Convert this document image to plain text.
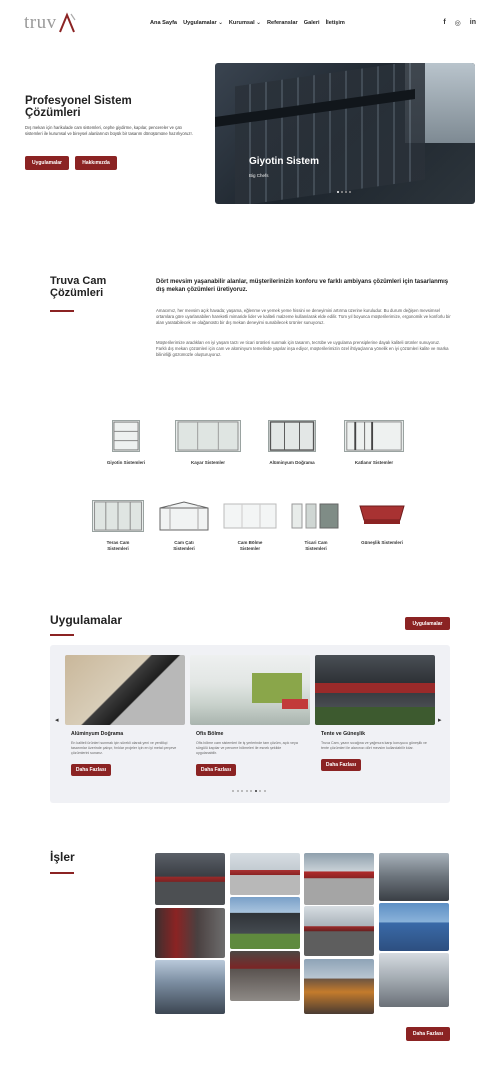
truv	Ana Sayfa Uygulamalar ⌄ Kurumsal ⌄ Referanslar Galeri İletişim	f ◎ in
Profesyonel Sistem Çözümleri
Dış mekan için harikulade cam sistemleri, cephe giydirme, kapılar, pencereler ve çatı sistemleri ile kurumsal ve bireysel alanlarınızı büyük bir tasarım dönüşümüne hazırlıyoruz!.
Uygulamalar	Hakkımızda	Giyotin Sistem
Big Chefs
Truva Cam Çözümleri
Dört mevsim yaşanabilir alanlar, müşterilerinizin konforu ve farklı ambiyans çözümleri için tasarlanmış dış mekan çözümleri üretiyoruz.
Amacımız, her mevsim açık havada; yaşama, eğlenme ve yemek yeme hissini ve deneyimini artırma üzerine kuruludur. Bu durum değişen mevsimsel ortamlara göre uyarlanabilen hareketli mimaride lider ve kaliteli malzeme kullanılarak elde edilir. Tüm yıl boyunca müşterilerimize, ergonomik ve konforlu bir alan yaratabilecek ve olağanüstü bir dış mekan deneyimi sunabilecek ürünler sunuyoruz.
Müşterilerimize aradıkları en iyi yaşam tarzı ve ticari ürünleri sunmak için tasarım, tecrübe ve uygulama prensiplerine dayalı kaliteli ürünler sunuyoruz. Farklı dış mekan çözümleri için cam ve alüminyum temelinde yapılar inşa ediyor, müşterilerimizin özel ihtiyaçlarına yönelik en iyi çözümleri kalite ve marka bilinirliği gözümüzle oluşturuyoruz.
Giyotin Sistemleri	Kayar Sistemler	Alüminyum Doğrama	Katlanır Sistemler
Teras Cam Sistemleri
Cam Çatı Sistemleri
Cam Bölme Sistemler
Ticari Cam Sistemleri
Güneşlik Sistemleri
Uygulamalar	Uygulamalar
◂	▸
Alüminyum Doğrama
En kaliteli ürünleri sunmak için sürekli olarak yeni ve yenilikçi tasarımlar üzerinde çalışır, fırıklar projeler için en iyi metal çerçeve çözümlerini sunarız.
Daha Fazlası
Ofis Bölme
Ofis bölme cam sistemleri ile iş yerlerinde tam çözüm, açık veya sürgülü kapılar ve pencere bölmeleri ile esnek şekilde uygulanabilir.
Daha Fazlası
Tente ve Güneşlik
Truva Cam, yazın sıcağına ve yağmura karşı koruyucu güneşlik ve tente çözümleri ile alanınızı dört mevsim kullanılabilir kılar.
Daha Fazlası
İşler
Daha Fazlası
